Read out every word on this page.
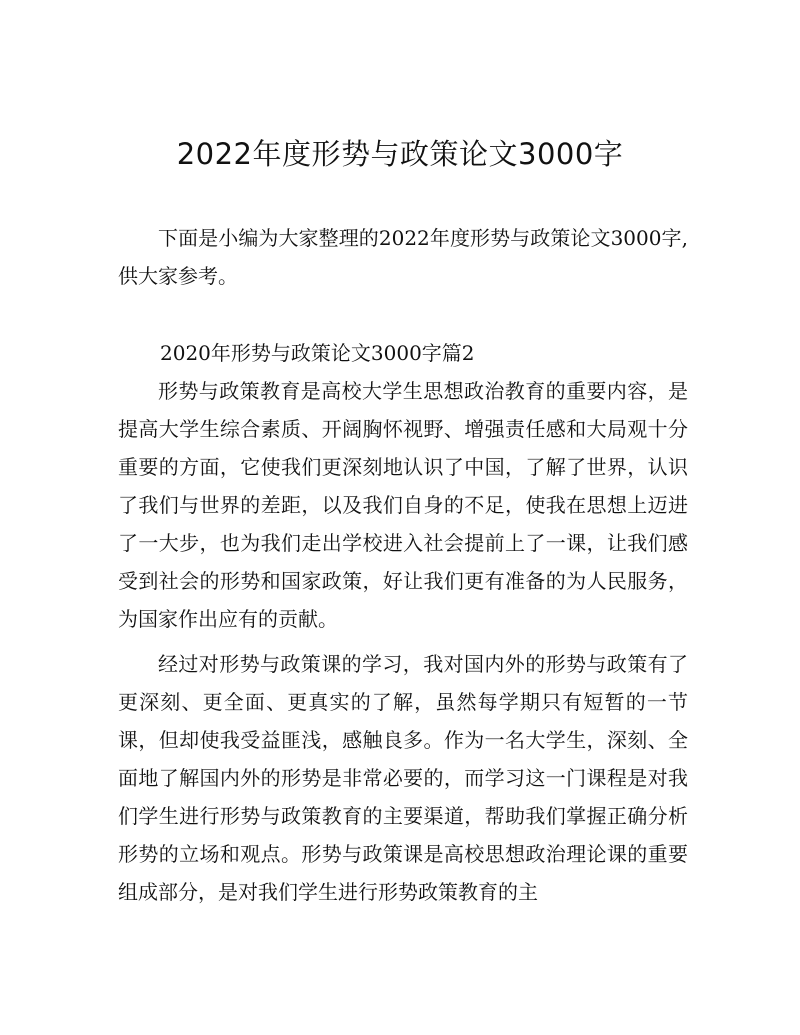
2022年度形势与政策论文3000字
下面是小编为大家整理的2022年度形势与政策论文3000字,供大家参考。
2020年形势与政策论文3000字篇2
形势与政策教育是高校大学生思想政治教育的重要内容，是提高大学生综合素质、开阔胸怀视野、增强责任感和大局观十分重要的方面，它使我们更深刻地认识了中国，了解了世界，认识了我们与世界的差距，以及我们自身的不足，使我在思想上迈进了一大步，也为我们走出学校进入社会提前上了一课，让我们感受到社会的形势和国家政策，好让我们更有准备的为人民服务，为国家作出应有的贡献。
经过对形势与政策课的学习，我对国内外的形势与政策有了更深刻、更全面、更真实的了解，虽然每学期只有短暂的一节课，但却使我受益匪浅，感触良多。作为一名大学生，深刻、全面地了解国内外的形势是非常必要的，而学习这一门课程是对我们学生进行形势与政策教育的主要渠道，帮助我们掌握正确分析形势的立场和观点。形势与政策课是高校思想政治理论课的重要组成部分，是对我们学生进行形势政策教育的主
